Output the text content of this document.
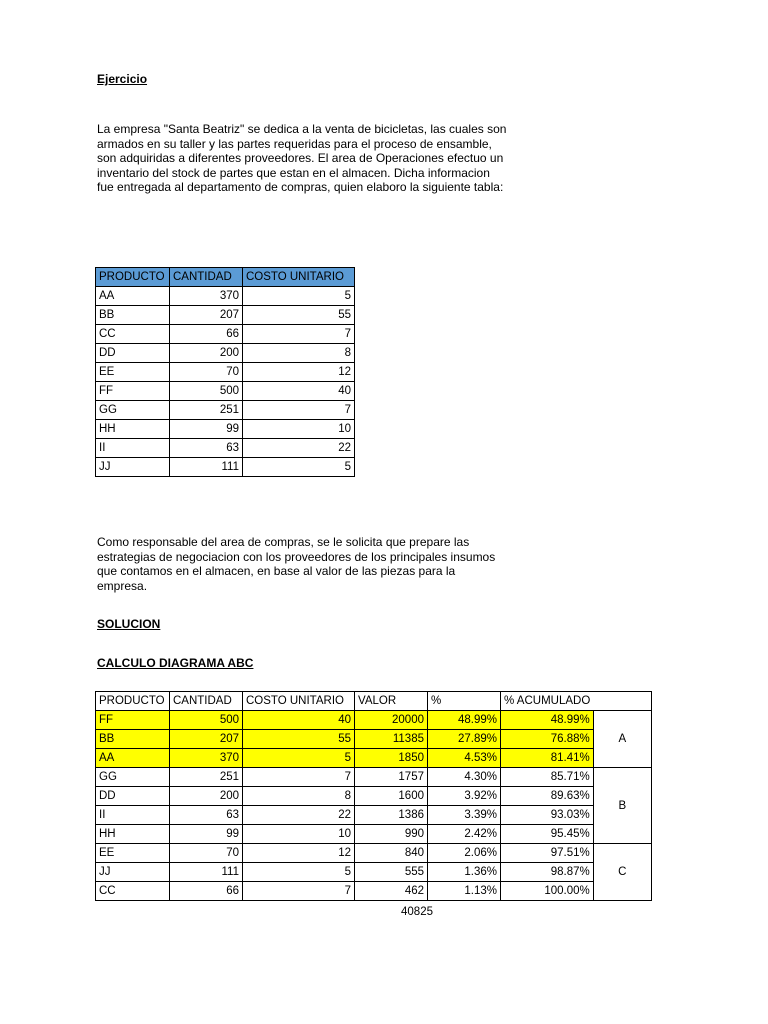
Ejercicio

La empresa "Santa Beatriz" se dedica a la venta de bicicletas, las cuales son armados en su taller y las partes requeridas para el proceso de ensamble, son adquiridas a diferentes proveedores. El area de Operaciones efectuo un inventario del stock de partes que estan en el almacen. Dicha informacion fue entregada al departamento de compras, quien elaboro la siguiente tabla:

PRODUCTO	CANTIDAD	COSTO UNITARIO
AA	370	5
BB	207	55
CC	66	7
DD	200	8
EE	70	12
FF	500	40
GG	251	7
HH	99	10
II	63	22
JJ	111	5

Como responsable del area de compras, se le solicita que prepare las estrategias de negociacion con los proveedores de los principales insumos que contamos en el almacen, en base al valor de las piezas para la empresa.

SOLUCION
CALCULO DIAGRAMA ABC
PRODUCTO	CANTIDAD	COSTO UNITARIO	VALOR	%	% ACUMULADO	
FF	500	40	20000	48.99%	48.99%	A
BB	207	55	11385	27.89%	76.88%	
AA	370	5	1850	4.53%	81.41%	
GG	251	7	1757	4.30%	85.71%	B
DD	200	8	1600	3.92%	89.63%	
II	63	22	1386	3.39%	93.03%	
HH	99	10	990	2.42%	95.45%	
EE	70	12	840	2.06%	97.51%	C
JJ	111	5	555	1.36%	98.87%	
CC	66	7	462	1.13%	100.00%	
40825
